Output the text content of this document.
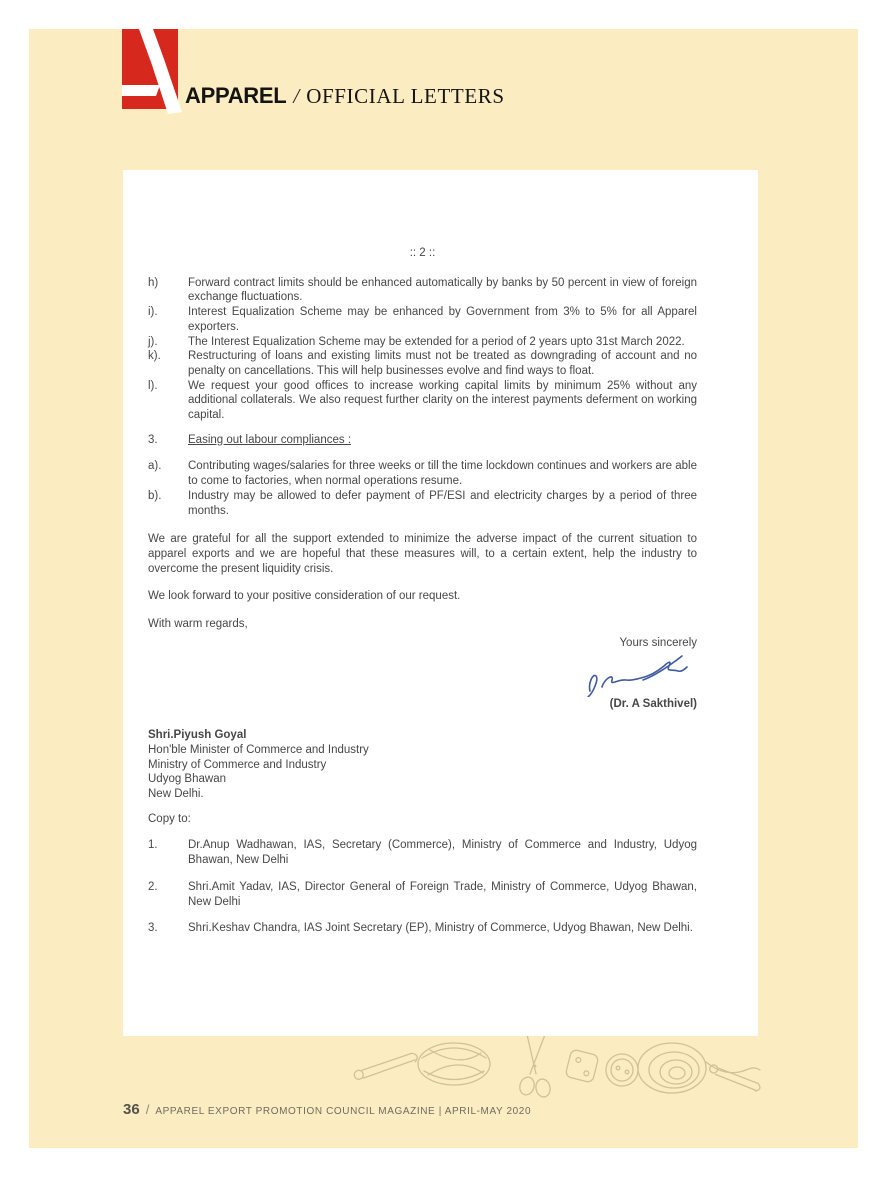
APPAREL / OFFICIAL LETTERS
:: 2 ::
h)	Forward contract limits should be enhanced automatically by banks by 50 percent in view of foreign exchange fluctuations.
i).	Interest Equalization Scheme may be enhanced by Government from 3% to 5% for all Apparel exporters.
j).	The Interest Equalization Scheme may be extended for a period of 2 years upto 31st March 2022.
k).	Restructuring of loans and existing limits must not be treated as downgrading of account and no penalty on cancellations. This will help businesses evolve and find ways to float.
l).	We request your good offices to increase working capital limits by minimum 25% without any additional collaterals. We also request further clarity on the interest payments deferment on working capital.
3.	Easing out labour compliances :
a).	Contributing wages/salaries for three weeks or till the time lockdown continues and workers are able to come to factories, when normal operations resume.
b).	Industry may be allowed to defer payment of PF/ESI and electricity charges by a period of three months.
We are grateful for all the support extended to minimize the adverse impact of the current situation to apparel exports and we are hopeful that these measures will, to a certain extent, help the industry to overcome the present liquidity crisis.
We look forward to your positive consideration of our request.
With warm regards,
Yours sincerely
(Dr. A Sakthivel)
Shri.Piyush Goyal
Hon'ble Minister of Commerce and Industry
Ministry of Commerce and Industry
Udyog Bhawan
New Delhi.
Copy to:
1.	Dr.Anup Wadhawan, IAS, Secretary (Commerce), Ministry of Commerce and Industry, Udyog Bhawan, New Delhi
2.	Shri.Amit Yadav, IAS, Director General of Foreign Trade, Ministry of Commerce, Udyog Bhawan, New Delhi
3.	Shri.Keshav Chandra, IAS Joint Secretary (EP), Ministry of Commerce, Udyog Bhawan, New Delhi.
36 / APPAREL EXPORT PROMOTION COUNCIL MAGAZINE | APRIL-MAY 2020
